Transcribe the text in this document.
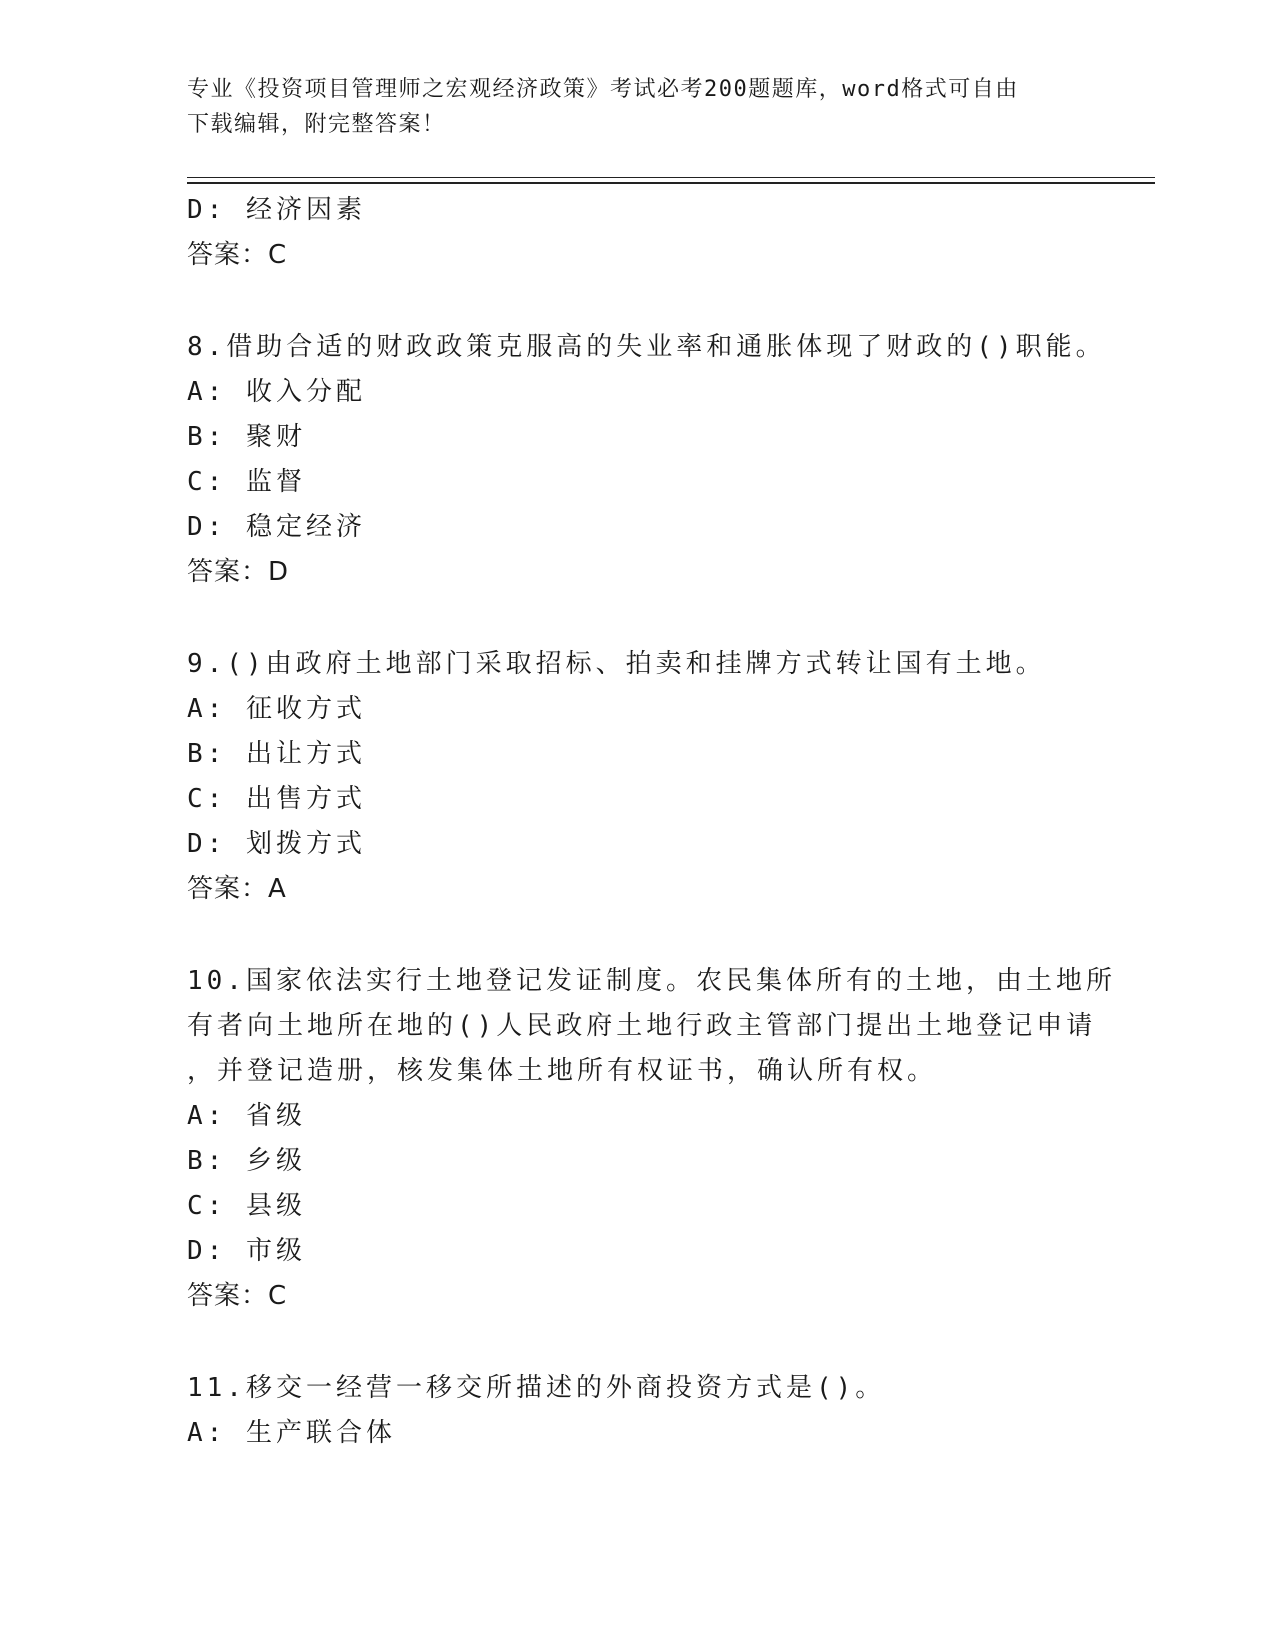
专业《投资项目管理师之宏观经济政策》考试必考200题题库，word格式可自由
下载编辑，附完整答案！
D: 经济因素
答案：C
8.借助合适的财政政策克服高的失业率和通胀体现了财政的()职能。
A: 收入分配
B: 聚财
C: 监督
D: 稳定经济
答案：D
9.()由政府土地部门采取招标、拍卖和挂牌方式转让国有土地。
A: 征收方式
B: 出让方式
C: 出售方式
D: 划拨方式
答案：A
10.国家依法实行土地登记发证制度。农民集体所有的土地，由土地所
有者向土地所在地的()人民政府土地行政主管部门提出土地登记申请
，并登记造册，核发集体土地所有权证书，确认所有权。
A: 省级
B: 乡级
C: 县级
D: 市级
答案：C
11.移交一经营一移交所描述的外商投资方式是()。
A: 生产联合体
